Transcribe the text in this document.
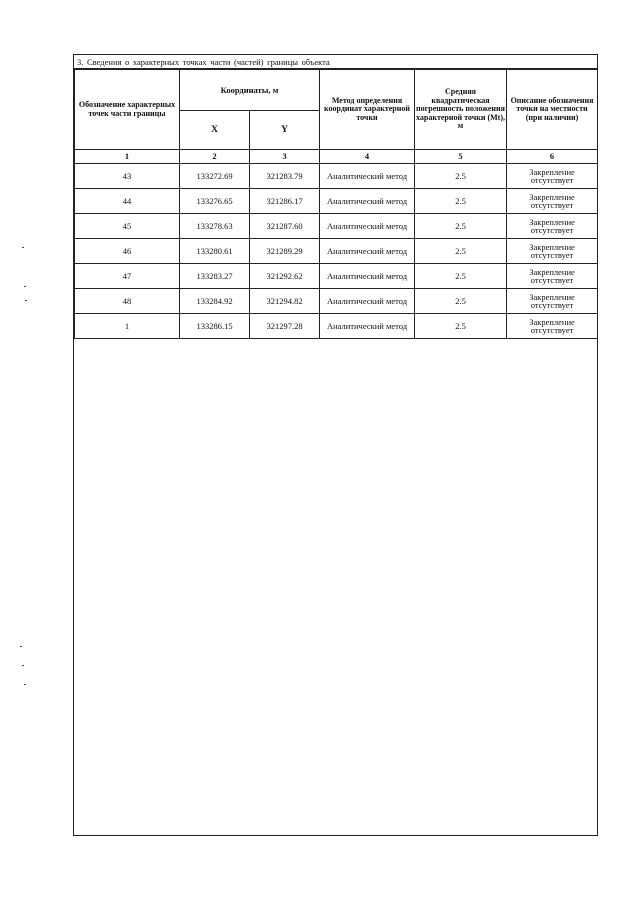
3. Сведения о характерных точках части (частей) границы объекта
Обозначение характерных точек части границы	Координаты, м		Метод определения координат характерной точки	Средняя квадратическая погрешность положения характерной точки (Mt), м	Описание обозначения точки на местности (при наличии)
	X	Y			
1	2	3	4	5	6
43	133272.69	321283.79	Аналитический метод	2.5	Закрепление отсутствует
44	133276.65	321286.17	Аналитический метод	2.5	Закрепление отсутствует
45	133278.63	321287.60	Аналитический метод	2.5	Закрепление отсутствует
46	133280.61	321289.29	Аналитический метод	2.5	Закрепление отсутствует
47	133283.27	321292.62	Аналитический метод	2.5	Закрепление отсутствует
48	133284.92	321294.82	Аналитический метод	2.5	Закрепление отсутствует
1	133286.15	321297.28	Аналитический метод	2.5	Закрепление отсутствует
